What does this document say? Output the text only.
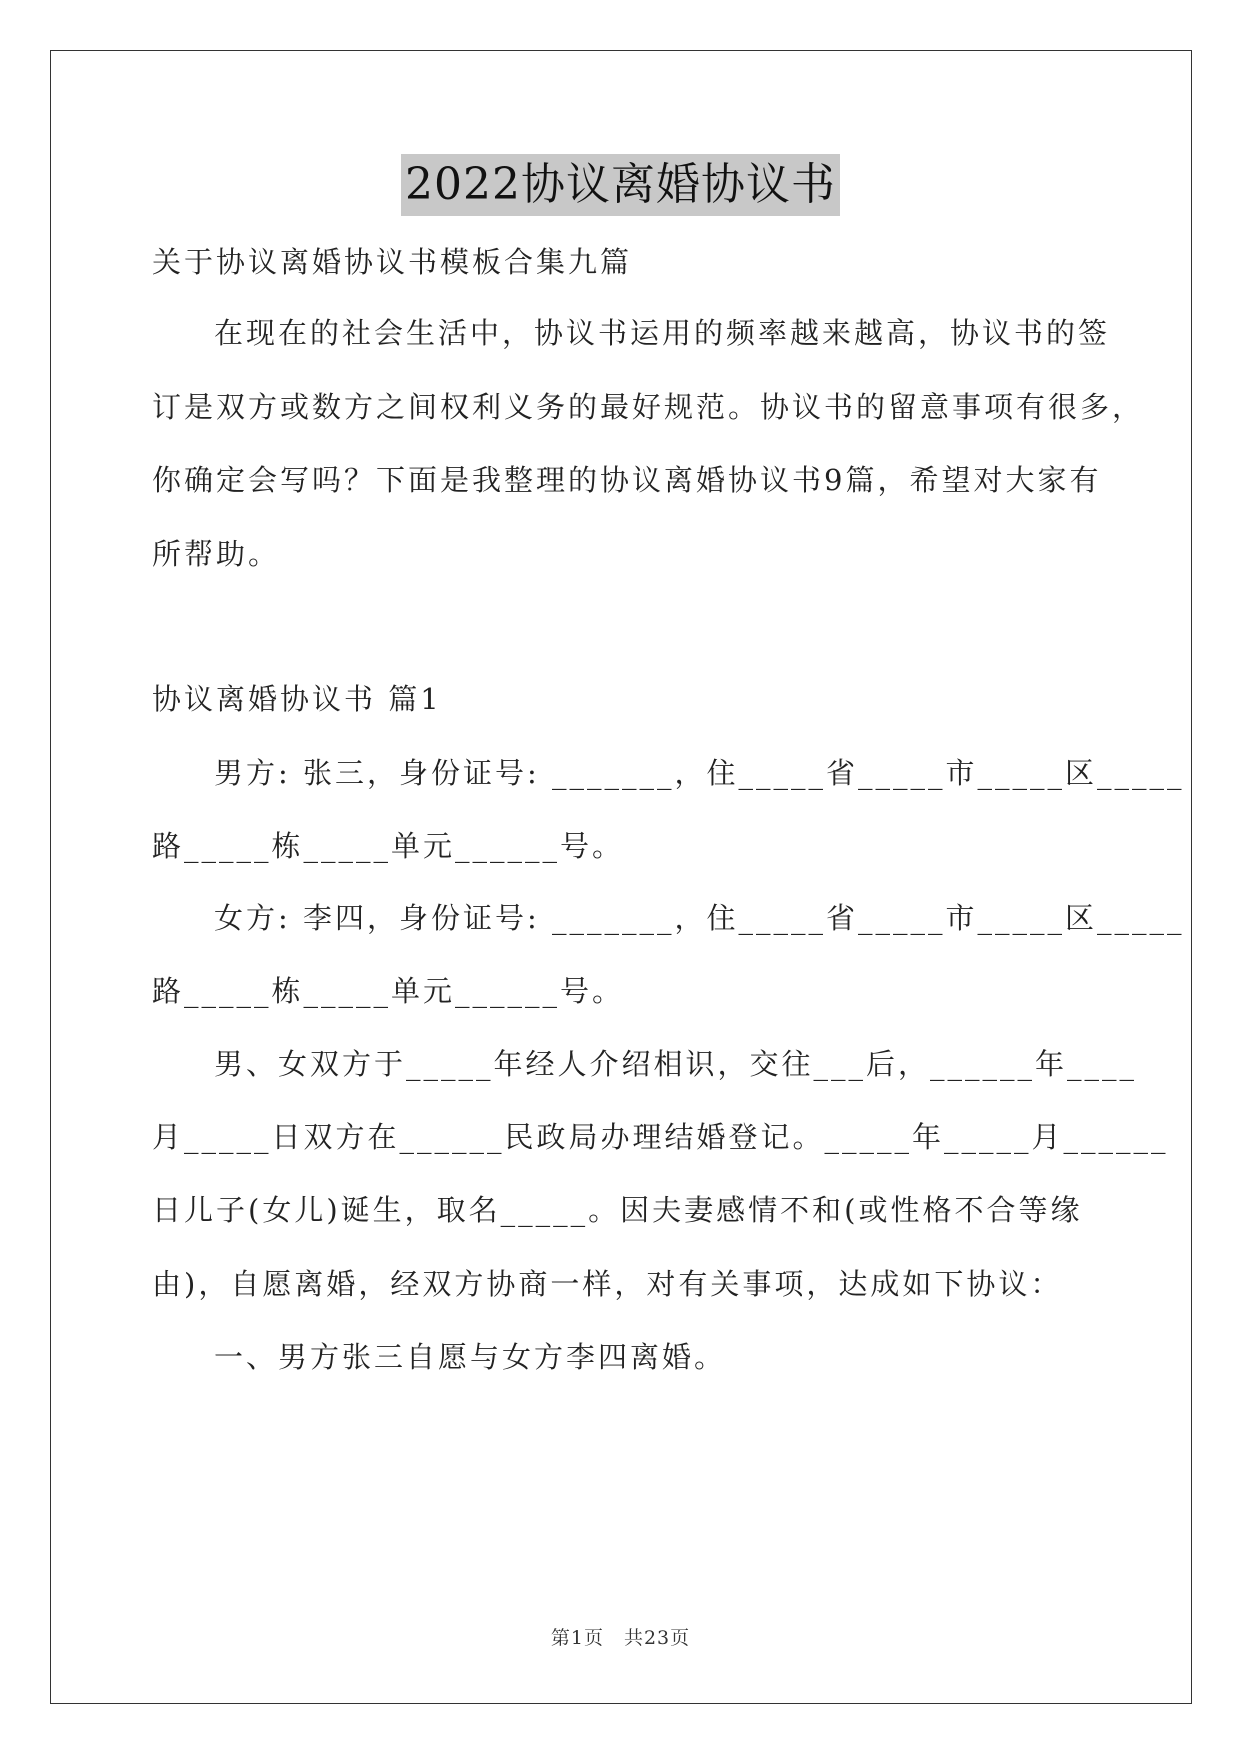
2022协议离婚协议书
关于协议离婚协议书模板合集九篇
在现在的社会生活中，协议书运用的频率越来越高，协议书的签
订是双方或数方之间权利义务的最好规范。协议书的留意事项有很多，
你确定会写吗？下面是我整理的协议离婚协议书9篇，希望对大家有
所帮助。
协议离婚协议书 篇1
男方: 张三，身份证号: _______，住_____省_____市_____区_____
路_____栋_____单元______号。
女方: 李四，身份证号: _______，住_____省_____市_____区_____
路_____栋_____单元______号。
男、女双方于_____年经人介绍相识，交往___后，______年____
月_____日双方在______民政局办理结婚登记。_____年_____月______
日儿子(女儿)诞生，取名_____。因夫妻感情不和(或性格不合等缘
由)，自愿离婚，经双方协商一样，对有关事项，达成如下协议：
一、男方张三自愿与女方李四离婚。
第1页　共23页
